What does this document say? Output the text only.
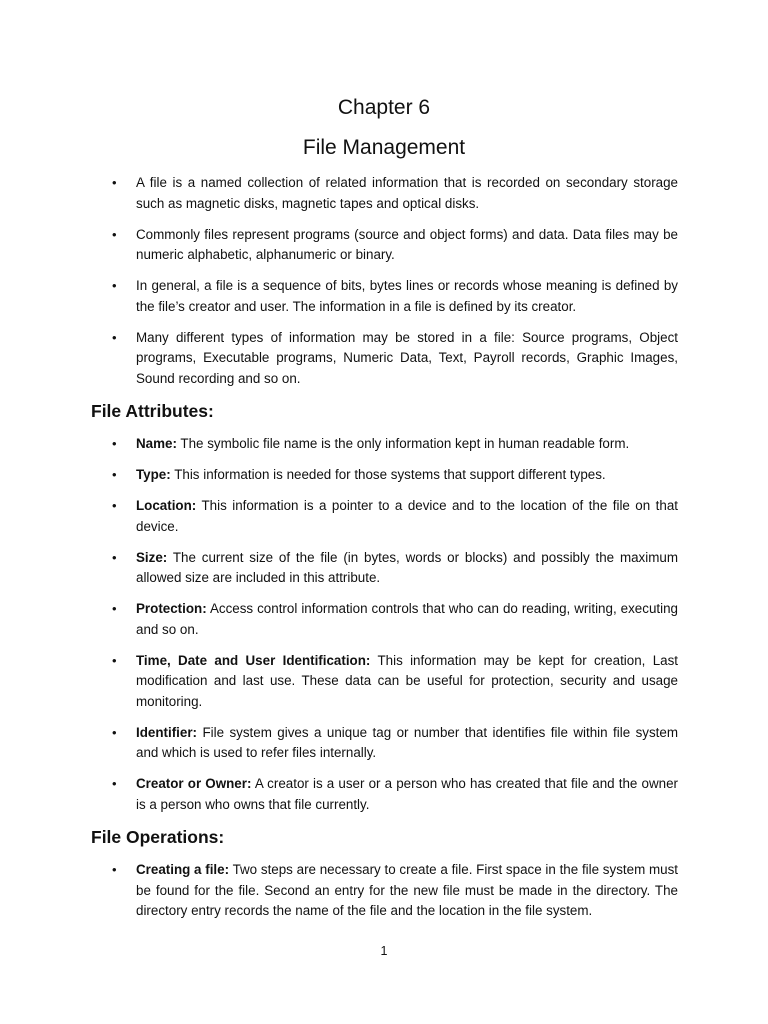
Chapter 6
File Management
• A file is a named collection of related information that is recorded on secondary storage such as magnetic disks, magnetic tapes and optical disks.
• Commonly files represent programs (source and object forms) and data. Data files may be numeric alphabetic, alphanumeric or binary.
• In general, a file is a sequence of bits, bytes lines or records whose meaning is defined by the file’s creator and user. The information in a file is defined by its creator.
• Many different types of information may be stored in a file: Source programs, Object programs, Executable programs, Numeric Data, Text, Payroll records, Graphic Images, Sound recording and so on.
File Attributes:
• Name: The symbolic file name is the only information kept in human readable form.
• Type: This information is needed for those systems that support different types.
• Location: This information is a pointer to a device and to the location of the file on that device.
• Size: The current size of the file (in bytes, words or blocks) and possibly the maximum allowed size are included in this attribute.
• Protection: Access control information controls that who can do reading, writing, executing and so on.
• Time, Date and User Identification: This information may be kept for creation, Last modification and last use. These data can be useful for protection, security and usage monitoring.
• Identifier: File system gives a unique tag or number that identifies file within file system and which is used to refer files internally.
• Creator or Owner: A creator is a user or a person who has created that file and the owner is a person who owns that file currently.
File Operations:
• Creating a file: Two steps are necessary to create a file. First space in the file system must be found for the file. Second an entry for the new file must be made in the directory. The directory entry records the name of the file and the location in the file system.
1
